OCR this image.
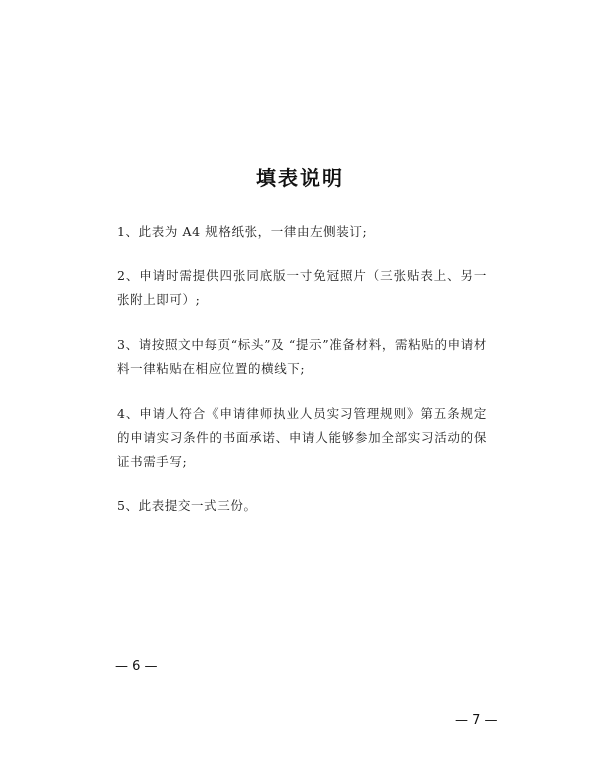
填表说明
1、此表为 A4 规格纸张，一律由左侧装订;
2、申请时需提供四张同底版一寸免冠照片（三张贴表上、另一张附上即可）;
3、请按照文中每页“标头”及 “提示”准备材料，需粘贴的申请材料一律粘贴在相应位置的横线下;
4、申请人符合《申请律师执业人员实习管理规则》第五条规定的申请实习条件的书面承诺、申请人能够参加全部实习活动的保证书需手写;
5、此表提交一式三份。
— 6 —
— 7 —
